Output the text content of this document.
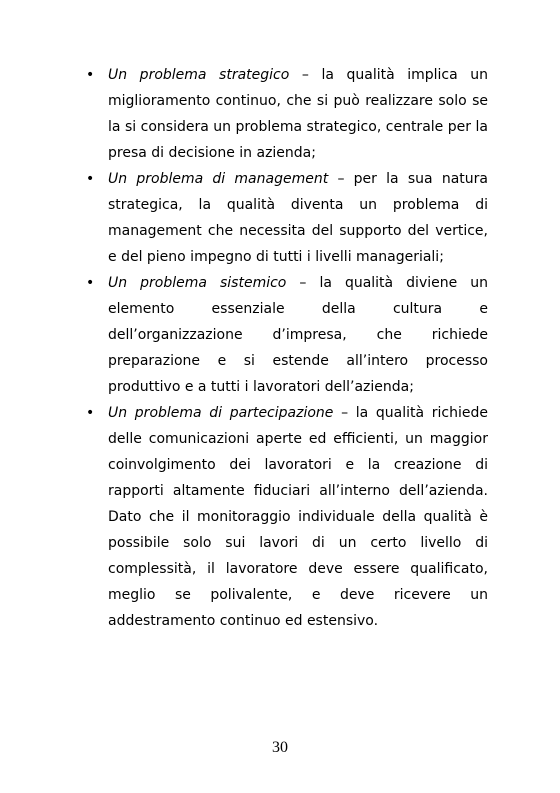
• Un problema strategico – la qualità implica un miglioramento continuo, che si può realizzare solo se la si considera un problema strategico, centrale per la presa di decisione in azienda;
• Un problema di management – per la sua natura strategica, la qualità diventa un problema di management che necessita del supporto del vertice, e del pieno impegno di tutti i livelli manageriali;
• Un problema sistemico – la qualità diviene un elemento essenziale della cultura e dell’organizzazione d’impresa, che richiede preparazione e si estende all’intero processo produttivo e a tutti i lavoratori dell’azienda;
• Un problema di partecipazione – la qualità richiede delle comunicazioni aperte ed efficienti, un maggior coinvolgimento dei lavoratori e la creazione di rapporti altamente fiduciari all’interno dell’azienda. Dato che il monitoraggio individuale della qualità è possibile solo sui lavori di un certo livello di complessità, il lavoratore deve essere qualificato, meglio se polivalente, e deve ricevere un addestramento continuo ed estensivo.
30
